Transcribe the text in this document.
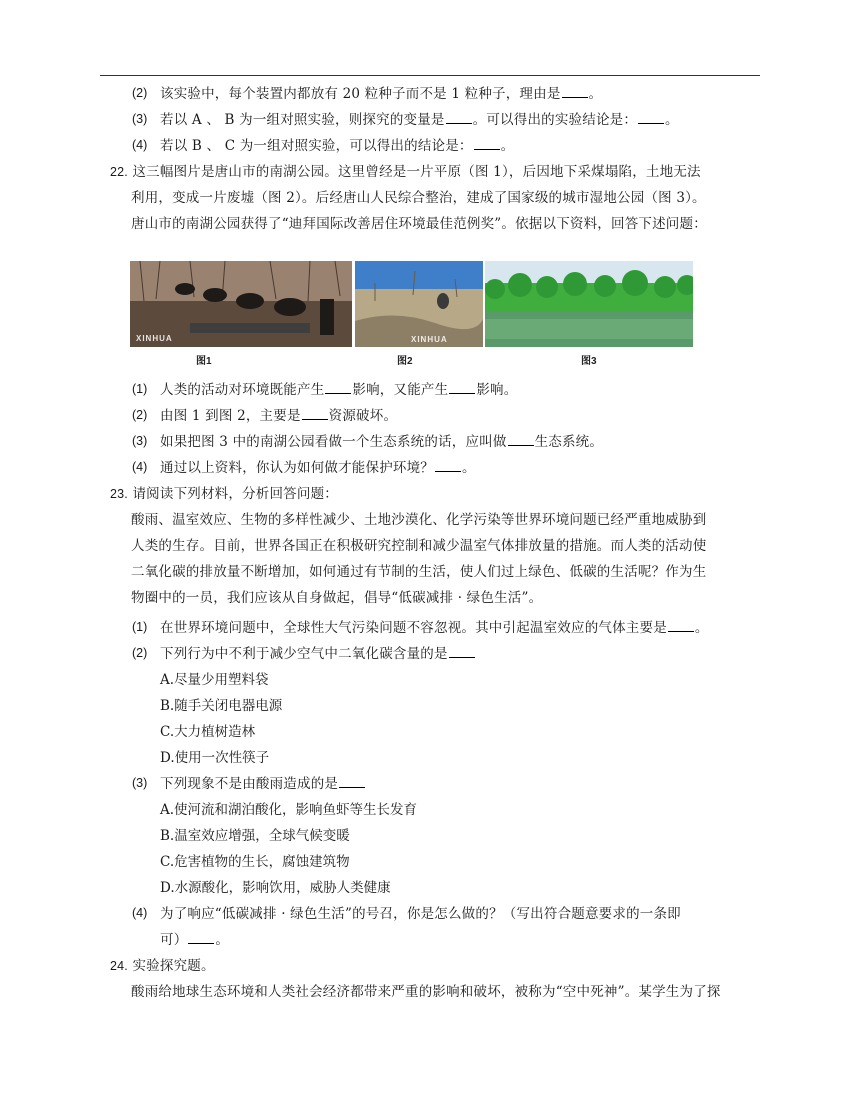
(2) 该实验中，每个装置内都放有 20 粒种子而不是 1 粒种子，理由是 。
(3) 若以 A 、 B 为一组对照实验，则探究的变量是 。可以得出的实验结论是： 。
(4) 若以 B 、 C 为一组对照实验，可以得出的结论是： 。
22. 这三幅图片是唐山市的南湖公园。这里曾经是一片平原（图 1），后因地下采煤塌陷，土地无法
利用，变成一片废墟（图 2）。后经唐山人民综合整治，建成了国家级的城市湿地公园（图 3）。
唐山市的南湖公园获得了“迪拜国际改善居住环境最佳范例奖”。依据以下资料，回答下述问题：
XINHUA	XINHUA
图1	图2	图3
(1) 人类的活动对环境既能产生 影响，又能产生 影响。
(2) 由图 1 到图 2，主要是 资源破坏。
(3) 如果把图 3 中的南湖公园看做一个生态系统的话，应叫做 生态系统。
(4) 通过以上资料，你认为如何做才能保护环境？ 。
23. 请阅读下列材料，分析回答问题：
酸雨、温室效应、生物的多样性减少、土地沙漠化、化学污染等世界环境问题已经严重地威胁到
人类的生存。目前，世界各国正在积极研究控制和减少温室气体排放量的措施。而人类的活动使
二氧化碳的排放量不断增加，如何通过有节制的生活，使人们过上绿色、低碳的生活呢？作为生
物圈中的一员，我们应该从自身做起，倡导“低碳减排 · 绿色生活”。
(1) 在世界环境问题中，全球性大气污染问题不容忽视。其中引起温室效应的气体主要是 。
(2) 下列行为中不利于减少空气中二氧化碳含量的是
A.尽量少用塑料袋
B.随手关闭电器电源
C.大力植树造林
D.使用一次性筷子
(3) 下列现象不是由酸雨造成的是
A.使河流和湖泊酸化，影响鱼虾等生长发育
B.温室效应增强，全球气候变暖
C.危害植物的生长，腐蚀建筑物
D.水源酸化，影响饮用，威胁人类健康
(4) 为了响应“低碳减排 · 绿色生活”的号召，你是怎么做的？（写出符合题意要求的一条即
可） 。
24. 实验探究题。
酸雨给地球生态环境和人类社会经济都带来严重的影响和破坏，被称为“空中死神”。某学生为了探
